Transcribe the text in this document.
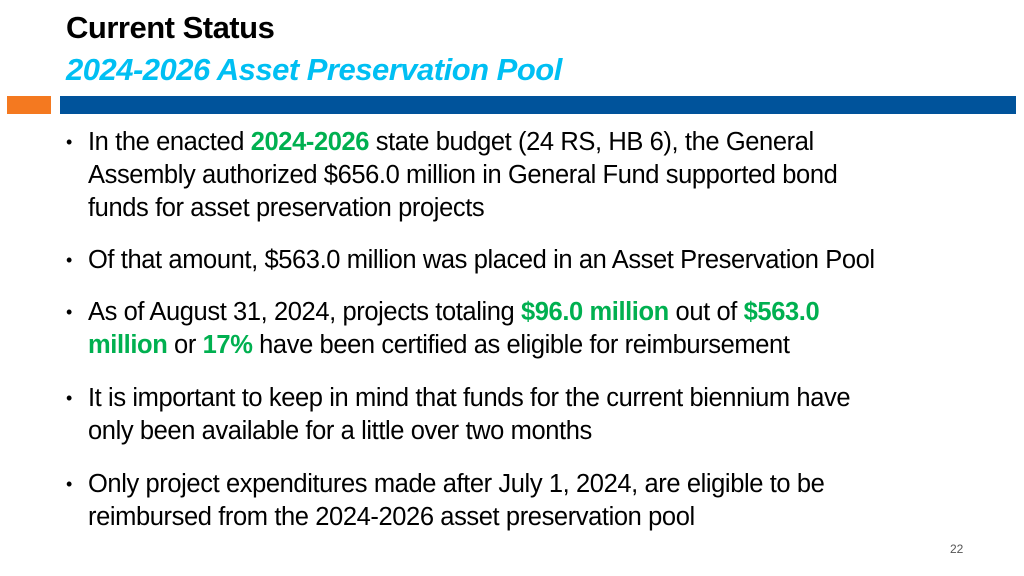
Current Status
2024-2026 Asset Preservation Pool
• In the enacted 2024-2026 state budget (24 RS, HB 6), the General
Assembly authorized $656.0 million in General Fund supported bond
funds for asset preservation projects
• Of that amount, $563.0 million was placed in an Asset Preservation Pool
• As of August 31, 2024, projects totaling $96.0 million out of $563.0
million or 17% have been certified as eligible for reimbursement
• It is important to keep in mind that funds for the current biennium have
only been available for a little over two months
• Only project expenditures made after July 1, 2024, are eligible to be
reimbursed from the 2024-2026 asset preservation pool
22
